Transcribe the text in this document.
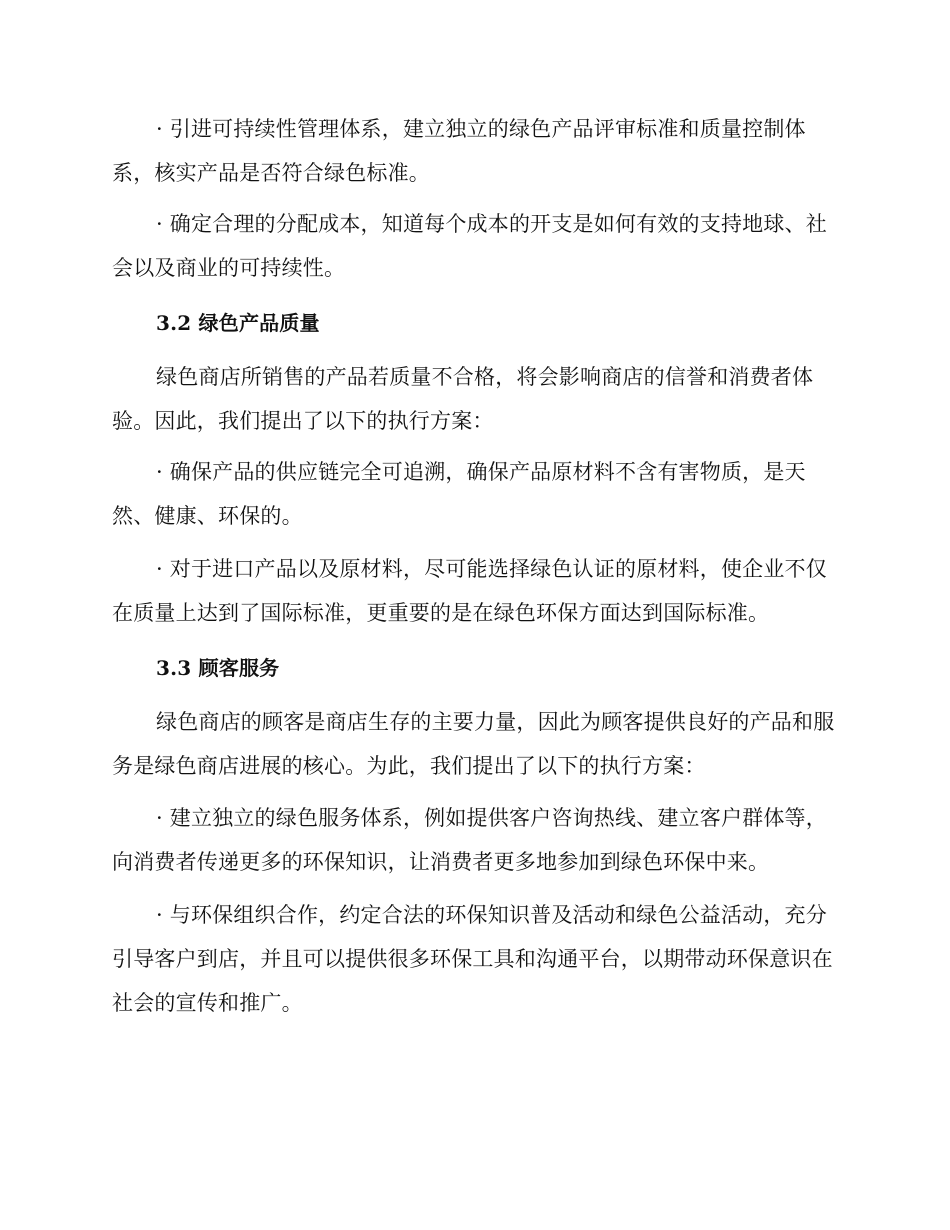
· 引进可持续性管理体系，建立独立的绿色产品评审标准和质量控制体系，核实产品是否符合绿色标准。

· 确定合理的分配成本，知道每个成本的开支是如何有效的支持地球、社会以及商业的可持续性。

3.2 绿色产品质量

绿色商店所销售的产品若质量不合格，将会影响商店的信誉和消费者体验。因此，我们提出了以下的执行方案：

· 确保产品的供应链完全可追溯，确保产品原材料不含有害物质，是天然、健康、环保的。

· 对于进口产品以及原材料，尽可能选择绿色认证的原材料，使企业不仅在质量上达到了国际标准，更重要的是在绿色环保方面达到国际标准。

3.3 顾客服务

绿色商店的顾客是商店生存的主要力量，因此为顾客提供良好的产品和服务是绿色商店进展的核心。为此，我们提出了以下的执行方案：

· 建立独立的绿色服务体系，例如提供客户咨询热线、建立客户群体等，向消费者传递更多的环保知识，让消费者更多地参加到绿色环保中来。

· 与环保组织合作，约定合法的环保知识普及活动和绿色公益活动，充分引导客户到店，并且可以提供很多环保工具和沟通平台，以期带动环保意识在社会的宣传和推广。
